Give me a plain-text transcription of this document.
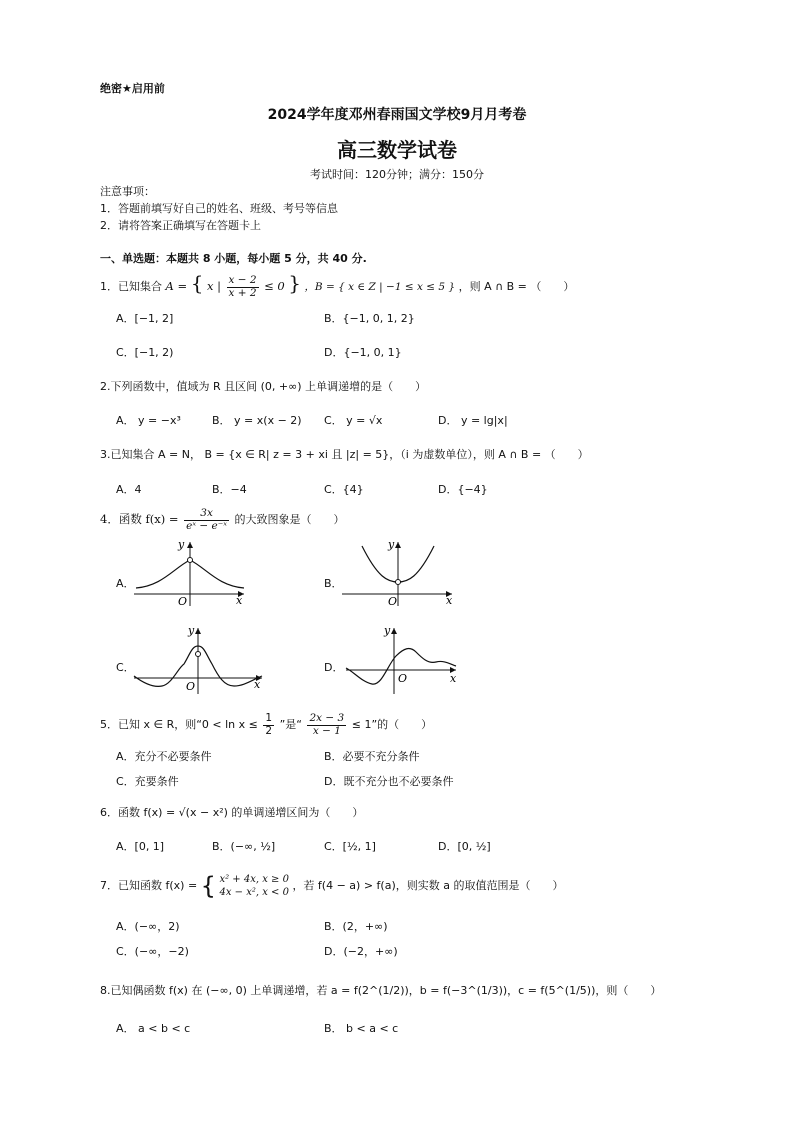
绝密★启用前
2024学年度邓州春雨国文学校9月月考卷
高三数学试卷
考试时间：120分钟；满分：150分
注意事项：
1．答题前填写好自己的姓名、班级、考号等信息
2．请将答案正确填写在答题卡上
一、单选题：本题共 8 小题，每小题 5 分，共 40 分.
1．已知集合 A = { x | $\frac{x - 2}{x + 2} \le 0$ } ，B = { x ∈ Z | −1 ≤ x ≤ 5 } ，则 A ∩ B = （　　）
A．[−1, 2]	B．{−1, 0, 1, 2}
C．[−1, 2)	D．{−1, 0, 1}
2.下列函数中，值域为 R 且区间 (0, +∞) 上单调递增的是（　　）
A． y = −x³	B． y = x(x − 2) C． y = √x	D． y = lg|x|
3.已知集合 A = N， B = {x ∈ R| z = 3 + xi 且 |z| = 5}，（i 为虚数单位），则 A ∩ B = （　　）
A．4	B．−4	C．{4}	D．{−4}
4．函数 $f(x) = \frac{3x}{\text{eˣ − e⁻ˣ}}$ 的大致图象是（　　）
A．	B．
C．	D．
x
y
O	x
y
O
x
y
O
x
y
O
5．已知 x ∈ R，则“$0 < \ln x \le \frac{1}{2}$ ”是“ $\frac{2x - 3}{x - 1} \le 1$”的（　　）
A．充分不必要条件	B．必要不充分条件
C．充要条件	D．既不充分也不必要条件
6．函数 f(x) = √(x − x²) 的单调递增区间为（　　）
A．[0, 1]	B．(−∞, ½]	C．[½, 1]	D．[0, ½]
7．已知函数 f(x) = { x² + 4x, x ≥ 0
4x − x², x < 0
，若 f(4 − a) > f(a)，则实数 a 的取值范围是（　　）
A．(−∞，2)	B．(2，+∞)
C．(−∞，−2)	D．(−2，+∞)
8.已知偶函数 f(x) 在 (−∞, 0) 上单调递增，若 a = f(2^(1/2))，b = f(−3^(1/3))，c = f(5^(1/5))，则（　　）
A． a < b < c	B． b < a < c
